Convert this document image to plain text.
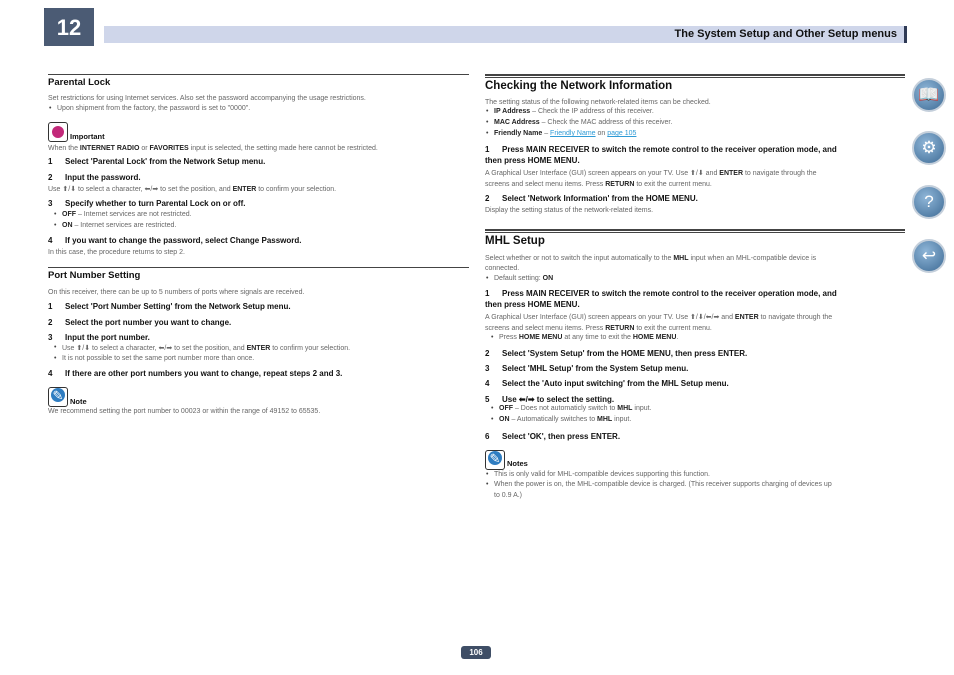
12	The System Setup and Other Setup menus
Parental Lock
Set restrictions for using Internet services. Also set the password accompanying the usage restrictions.
• Upon shipment from the factory, the password is set to "0000".
Important
When the INTERNET RADIO or FAVORITES input is selected, the setting made here cannot be restricted.
1 Select 'Parental Lock' from the Network Setup menu.
2 Input the password.
Use ⬆/⬇ to select a character, ⬅/➡ to set the position, and ENTER to confirm your selection.
3 Specify whether to turn Parental Lock on or off.
• OFF – Internet services are not restricted.
• ON – Internet services are restricted.
4 If you want to change the password, select Change Password.
In this case, the procedure returns to step 2.
Port Number Setting
On this receiver, there can be up to 5 numbers of ports where signals are received.
1 Select 'Port Number Setting' from the Network Setup menu.
2 Select the port number you want to change.
3 Input the port number.
• Use ⬆/⬇ to select a character, ⬅/➡ to set the position, and ENTER to confirm your selection.
• It is not possible to set the same port number more than once.
4 If there are other port numbers you want to change, repeat steps 2 and 3.
✎
Note
We recommend setting the port number to 00023 or within the range of 49152 to 65535.
Checking the Network Information
The setting status of the following network-related items can be checked.
• IP Address – Check the IP address of this receiver.
• MAC Address – Check the MAC address of this receiver.
• Friendly Name – Friendly Name on page 105
1 Press MAIN RECEIVER to switch the remote control to the receiver operation mode, and
then press HOME MENU.
A Graphical User Interface (GUI) screen appears on your TV. Use ⬆/⬇ and ENTER to navigate through the
screens and select menu items. Press RETURN to exit the current menu.
2 Select 'Network Information' from the HOME MENU.
Display the setting status of the network-related items.
MHL Setup
Select whether or not to switch the input automatically to the MHL input when an MHL-compatible device is
connected.
• Default setting: ON
1 Press MAIN RECEIVER to switch the remote control to the receiver operation mode, and
then press HOME MENU.
A Graphical User Interface (GUI) screen appears on your TV. Use ⬆/⬇/⬅/➡ and ENTER to navigate through the
screens and select menu items. Press RETURN to exit the current menu.
• Press HOME MENU at any time to exit the HOME MENU.
2 Select 'System Setup' from the HOME MENU, then press ENTER.
3 Select 'MHL Setup' from the System Setup menu.
4 Select the 'Auto input switching' from the MHL Setup menu.
5 Use ⬅/➡ to select the setting.
• OFF – Does not automaticly switch to MHL input.
• ON – Automatically switches to MHL input.
6 Select 'OK', then press ENTER.
✎
Notes
• This is only valid for MHL-compatible devices supporting this function.
• When the power is on, the MHL-compatible device is charged. (This receiver supports charging of devices up
to 0.9 A.)
📖
⚙
?
↩
106
